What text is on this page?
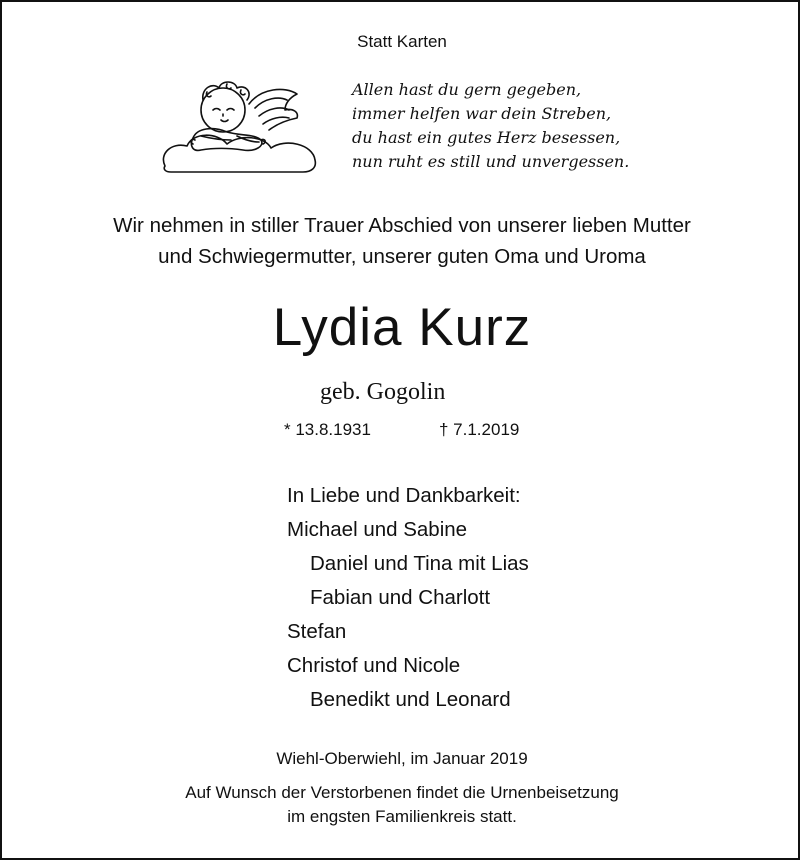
Statt Karten
Allen hast du gern gegeben,
immer helfen war dein Streben,
du hast ein gutes Herz besessen,
nun ruht es still und unvergessen.
Wir nehmen in stiller Trauer Abschied von unserer lieben Mutter
und Schwiegermutter, unserer guten Oma und Uroma
Lydia Kurz
geb. Gogolin
* 13.8.1931	† 7.1.2019
In Liebe und Dankbarkeit:
Michael und Sabine
Daniel und Tina mit Lias
Fabian und Charlott
Stefan
Christof und Nicole
Benedikt und Leonard
Wiehl-Oberwiehl, im Januar 2019
Auf Wunsch der Verstorbenen findet die Urnenbeisetzung
im engsten Familienkreis statt.
